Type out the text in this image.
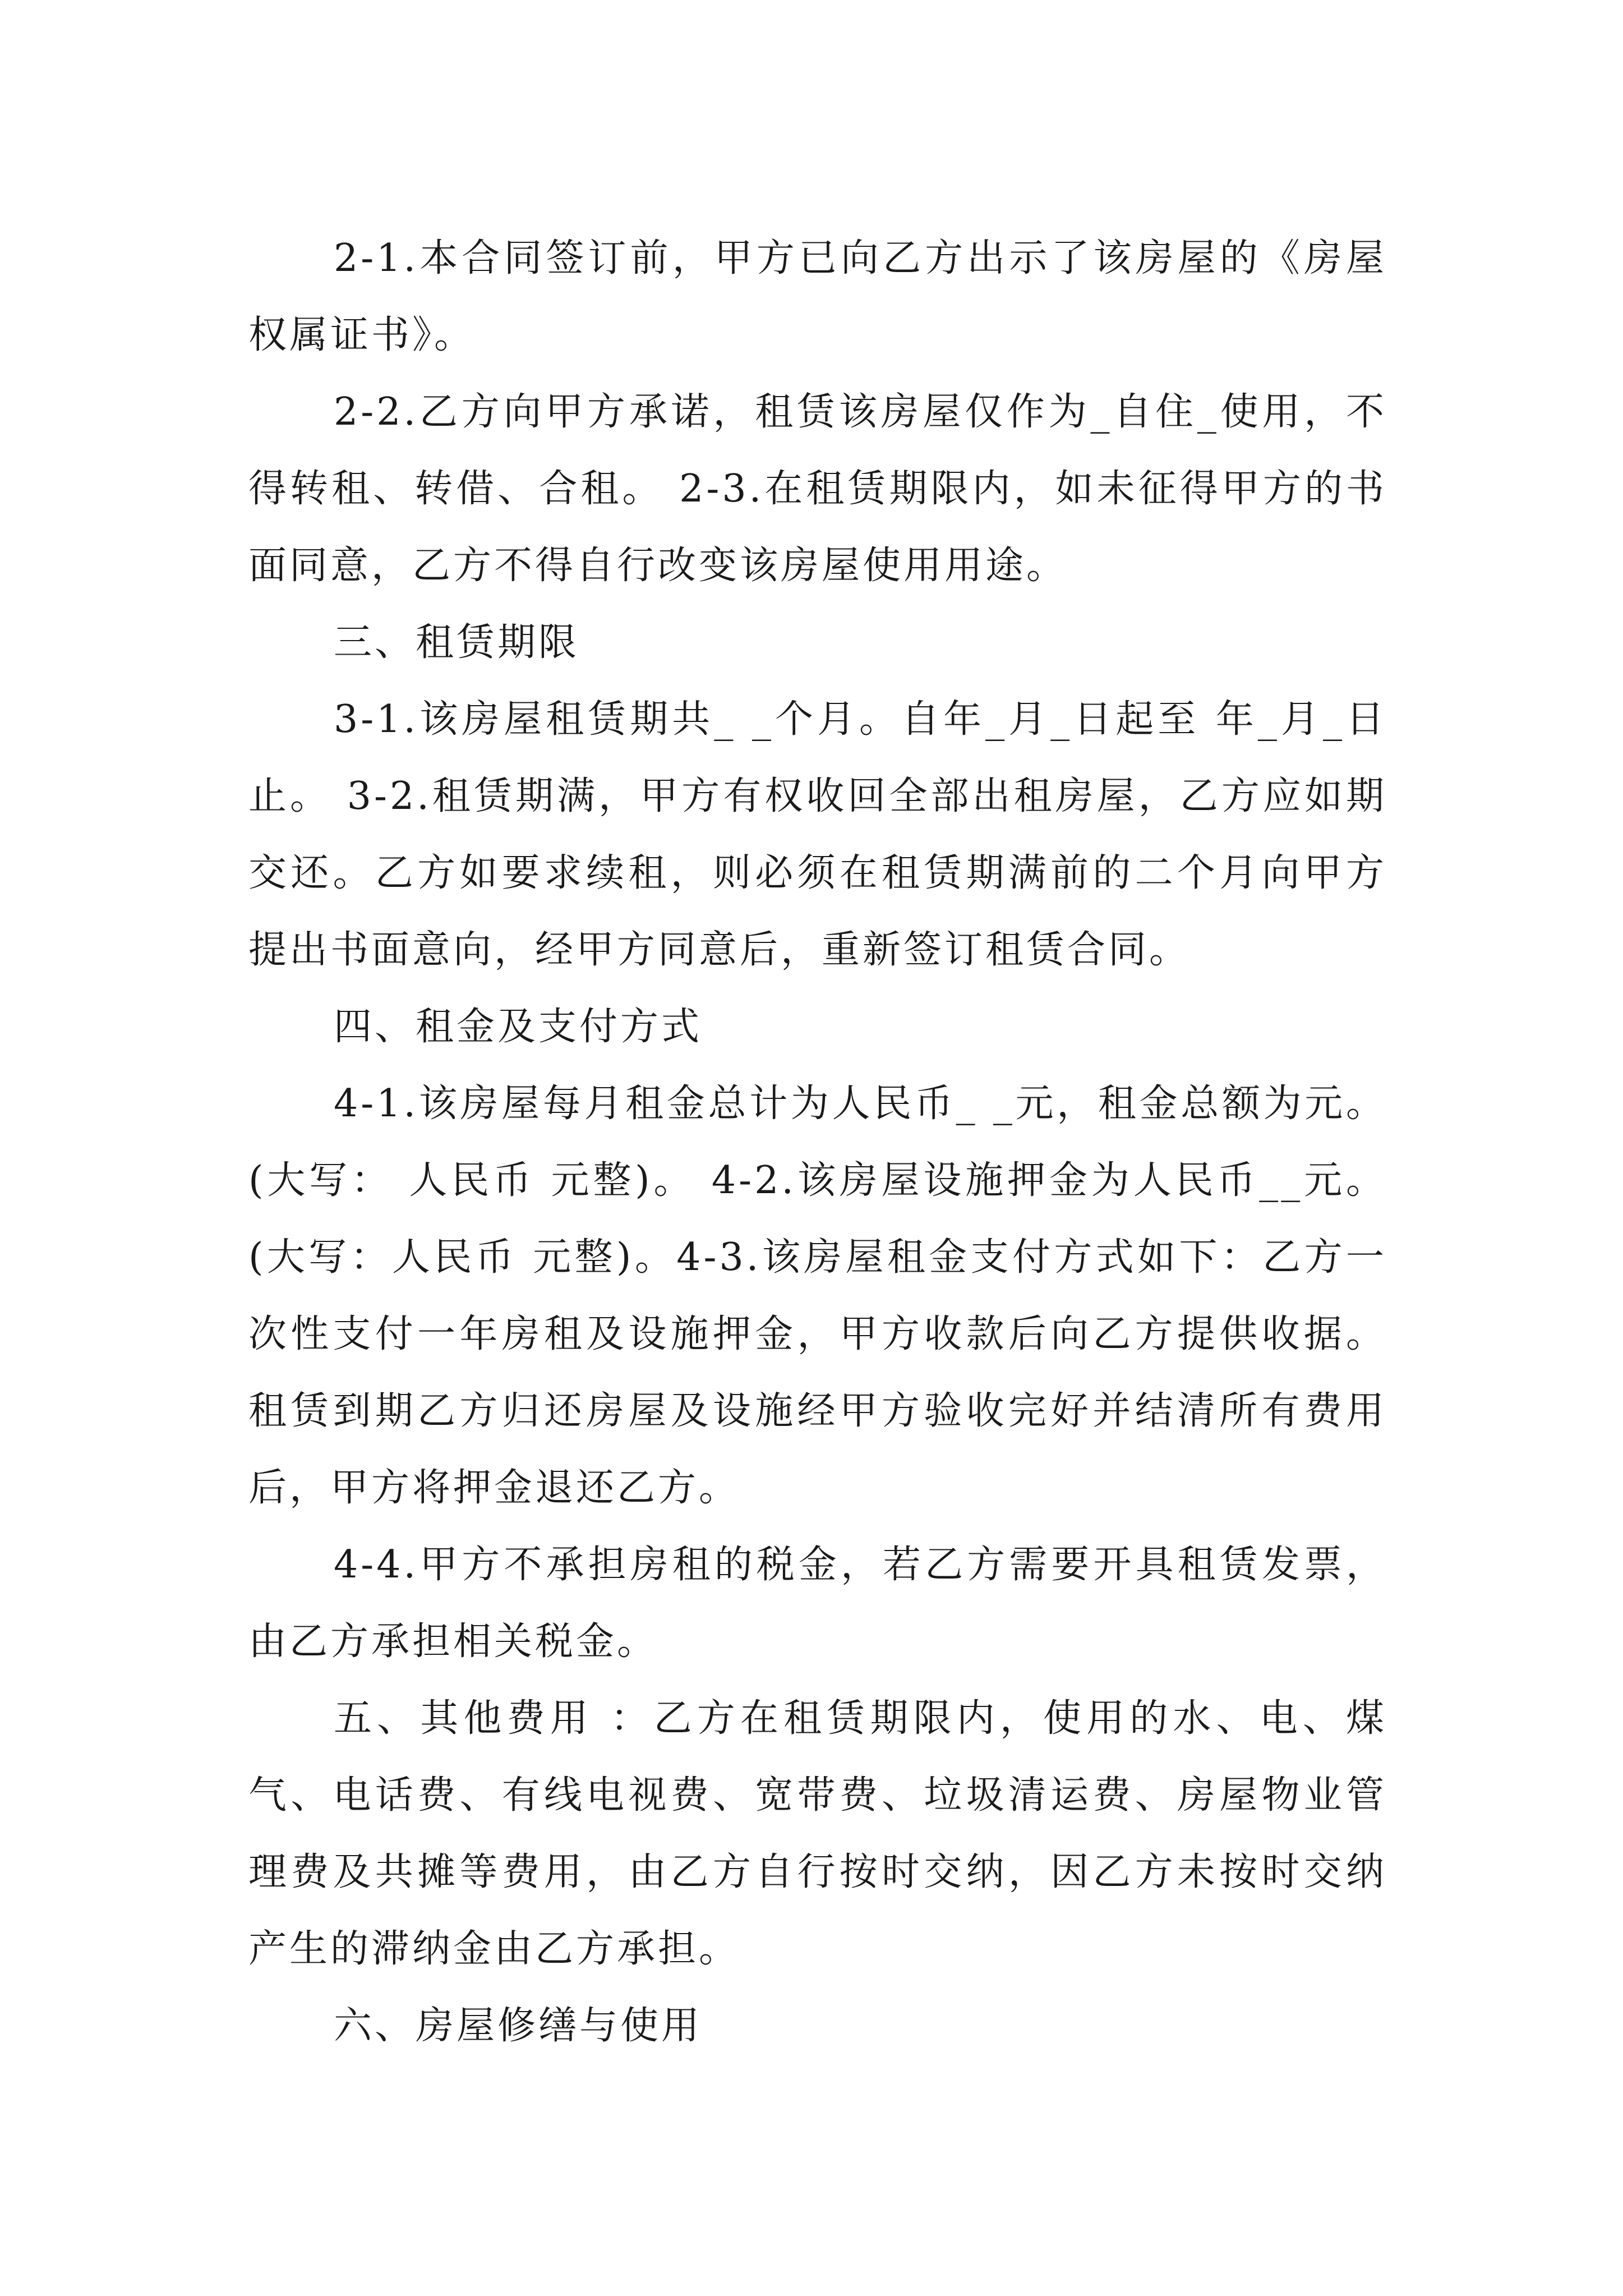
2-1.本合同签订前，甲方已向乙方出示了该房屋的《房屋权属证书》。

2-2.乙方向甲方承诺，租赁该房屋仅作为_自住_使用，不得转租、转借、合租。 2-3.在租赁期限内，如未征得甲方的书面同意，乙方不得自行改变该房屋使用用途。

三、租赁期限

3-1.该房屋租赁期共_ _个月。自年_月_日起至 年_月_日止。 3-2.租赁期满，甲方有权收回全部出租房屋，乙方应如期交还。乙方如要求续租，则必须在租赁期满前的二个月向甲方提出书面意向，经甲方同意后，重新签订租赁合同。

四、租金及支付方式

4-1.该房屋每月租金总计为人民币_ _元，租金总额为元。(大写： 人民币 元整)。 4-2.该房屋设施押金为人民币__元。(大写：人民币 元整)。4-3.该房屋租金支付方式如下：乙方一次性支付一年房租及设施押金，甲方收款后向乙方提供收据。租赁到期乙方归还房屋及设施经甲方验收完好并结清所有费用后，甲方将押金退还乙方。

4-4.甲方不承担房租的税金，若乙方需要开具租赁发票，由乙方承担相关税金。

五、其他费用 ：乙方在租赁期限内，使用的水、电、煤气、电话费、有线电视费、宽带费、垃圾清运费、房屋物业管理费及共摊等费用，由乙方自行按时交纳，因乙方未按时交纳产生的滞纳金由乙方承担。

六、房屋修缮与使用
